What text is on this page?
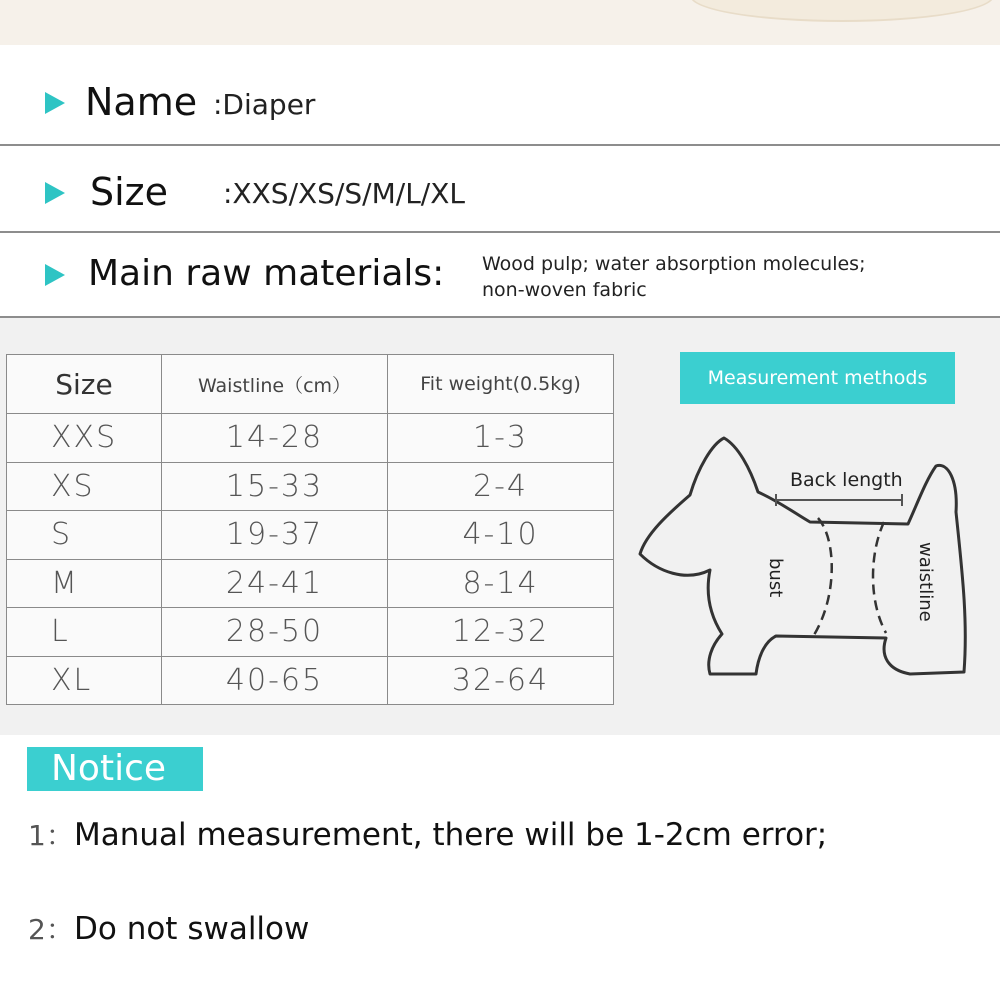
Name :Diaper
Size :XXS/XS/S/M/L/XL
Main raw materials: Wood pulp; water absorption molecules;
non-woven fabric
Size	Waistline（cm）	Fit weight(0.5kg)
XXS	14-28	1-3
XS	15-33	2-4
S	19-37	4-10
M	24-41	8-14
L	28-50	12-32
XL	40-65	32-64
Measurement methods
Back length
bust	waistline
Notice
1：Manual measurement, there will be 1-2cm error;
2：Do not swallow
